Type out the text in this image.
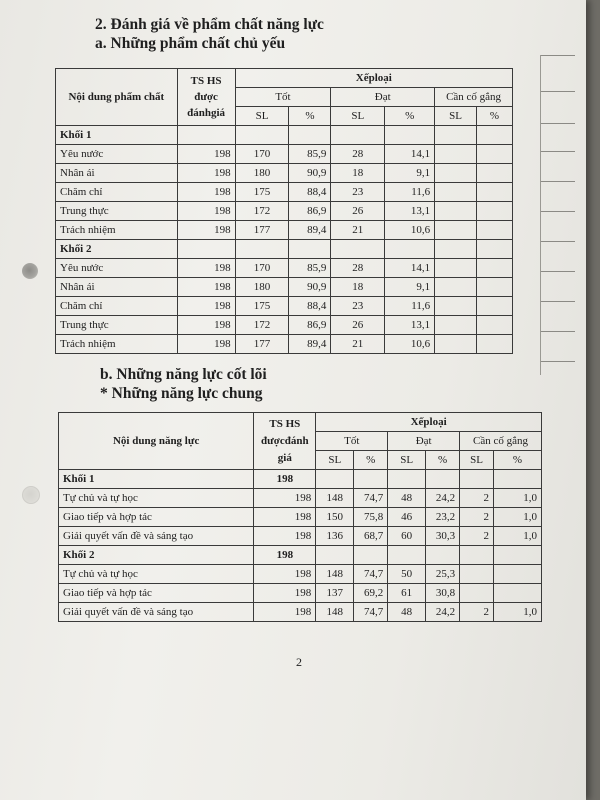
2. Đánh giá về phẩm chất năng lực

a. Những phẩm chất chủ yếu

Nội dung phẩm chất	TS HS
được
đánhgiá	Xếploại					
		Tốt		Đạt		Cần cố gắng	
		SL	%	SL	%	SL	%
Khối 1							
Yêu nước	198	170	85,9	28	14,1		
Nhân ái	198	180	90,9	18	9,1		
Chăm chỉ	198	175	88,4	23	11,6		
Trung thực	198	172	86,9	26	13,1		
Trách nhiệm	198	177	89,4	21	10,6		
Khối 2							
Yêu nước	198	170	85,9	28	14,1		
Nhân ái	198	180	90,9	18	9,1		
Chăm chỉ	198	175	88,4	23	11,6		
Trung thực	198	172	86,9	26	13,1		
Trách nhiệm	198	177	89,4	21	10,6		

b. Những năng lực cốt lõi

* Những năng lực chung

Nội dung năng lực	TS HS
đượcđánh
giá	Xếploại					
		Tốt		Đạt		Cần cố gắng	
		SL	%	SL	%	SL	%
Khối 1	198						
Tự chủ và tự học	198	148	74,7	48	24,2	2	1,0
Giao tiếp và hợp tác	198	150	75,8	46	23,2	2	1,0
Giải quyết vấn đề và sáng tạo	198	136	68,7	60	30,3	2	1,0
Khối 2	198						
Tự chủ và tự học	198	148	74,7	50	25,3		
Giao tiếp và hợp tác	198	137	69,2	61	30,8		
Giải quyết vấn đề và sáng tạo	198	148	74,7	48	24,2	2	1,0
2
